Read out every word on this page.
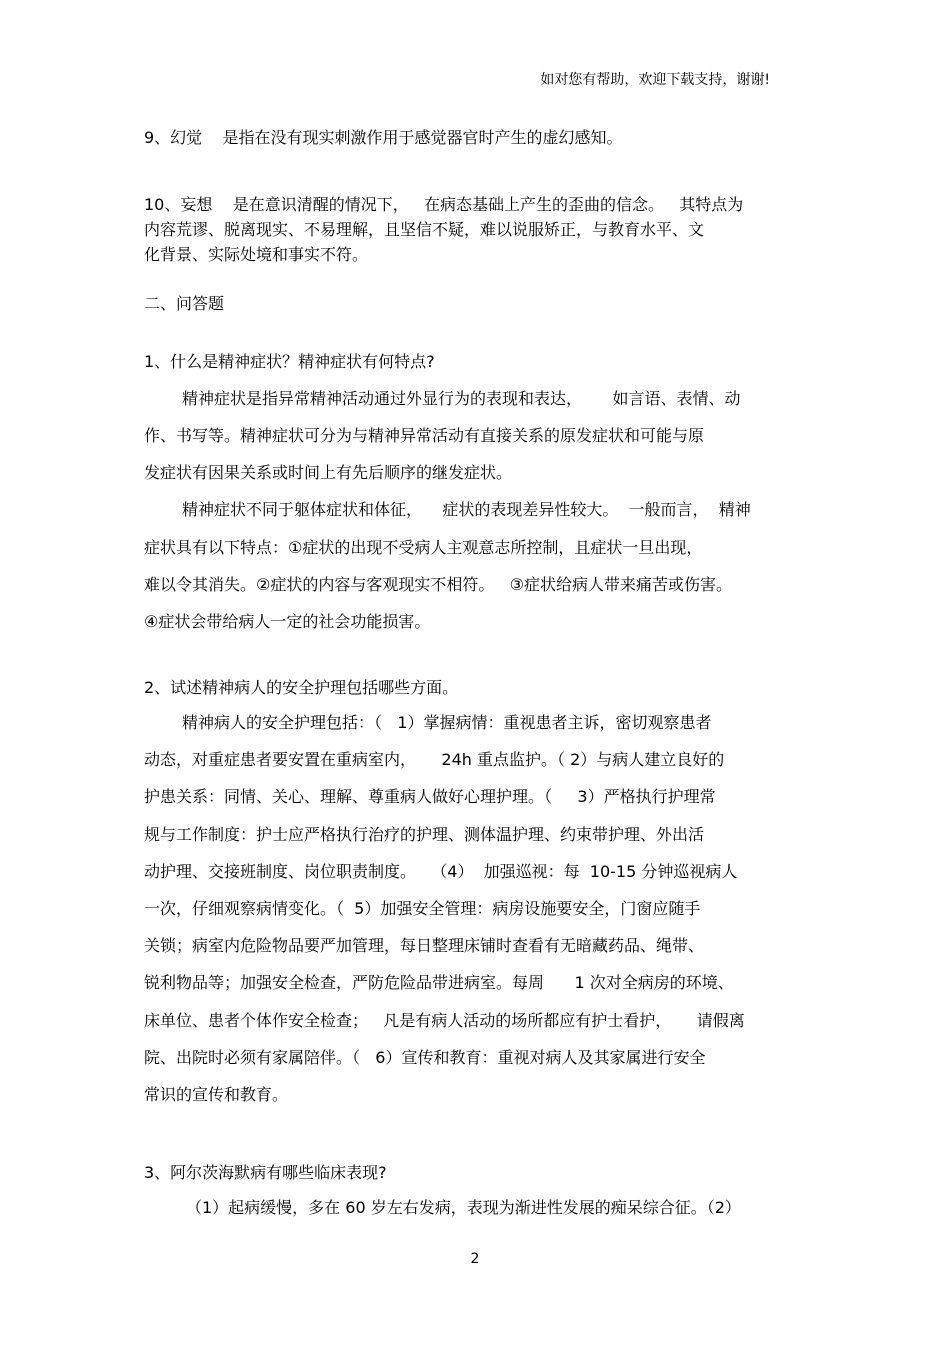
如对您有帮助，欢迎下载支持，谢谢!
9、幻觉    是指在没有现实刺激作用于感觉器官时产生的虚幻感知。
10、妄想    是在意识清醒的情况下，   在病态基础上产生的歪曲的信念。   其特点为
内容荒谬、脱离现实、不易理解，且坚信不疑，难以说服矫正，与教育水平、文
化背景、实际处境和事实不符。
二、问答题
1、什么是精神症状？精神症状有何特点?
精神症状是指异常精神活动通过外显行为的表现和表达，      如言语、表情、动
作、书写等。精神症状可分为与精神异常活动有直接关系的原发症状和可能与原
发症状有因果关系或时间上有先后顺序的继发症状。
精神症状不同于躯体症状和体征，    症状的表现差异性较大。  一般而言，  精神
症状具有以下特点：①症状的出现不受病人主观意志所控制，且症状一旦出现，
难以令其消失。②症状的内容与客观现实不相符。   ③症状给病人带来痛苦或伤害。
④症状会带给病人一定的社会功能损害。
2、试述精神病人的安全护理包括哪些方面。
精神病人的安全护理包括：（   1）掌握病情：重视患者主诉，密切观察患者
动态，对重症患者要安置在重病室内，     24h 重点监护。（ 2）与病人建立良好的
护患关系：同情、关心、理解、尊重病人做好心理护理。（     3）严格执行护理常
规与工作制度：护士应严格执行治疗的护理、测体温护理、约束带护理、外出活
动护理、交接班制度、岗位职责制度。   （4）  加强巡视：每  10-15 分钟巡视病人
一次，仔细观察病情变化。（  5）加强安全管理：病房设施要安全，门窗应随手
关锁；病室内危险物品要严加管理，每日整理床铺时查看有无暗藏药品、绳带、
锐利物品等；加强安全检查，严防危险品带进病室。每周      1 次对全病房的环境、
床单位、患者个体作安全检查；   凡是有病人活动的场所都应有护士看护，     请假离
院、出院时必须有家属陪伴。（   6）宣传和教育：重视对病人及其家属进行安全
常识的宣传和教育。
3、阿尔茨海默病有哪些临床表现?
（1）起病缓慢，多在 60 岁左右发病，表现为渐进性发展的痴呆综合征。（2）
2
